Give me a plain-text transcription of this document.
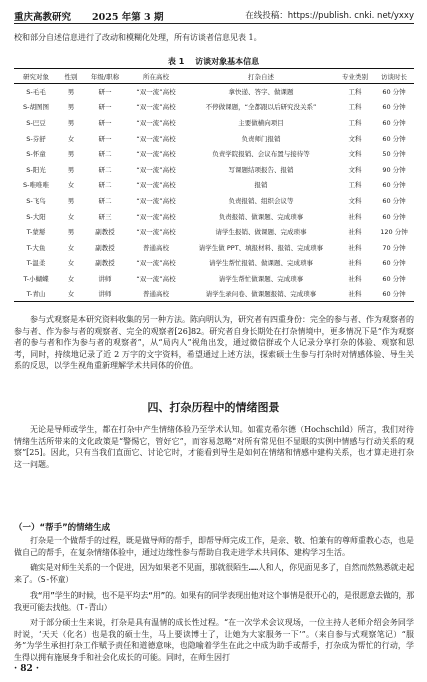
重庆高教研究 2025 年第 3 期	在线投稿：https://publish. cnki. net/yxxy
校和部分自述信息进行了改动和模糊化处理，所有访谈者信息见表 1。
表 1 访谈对象基本信息
研究对象	性别	年级/职称	所在高校	打杂自述	专业类别	访谈时长
S-毛毛	男	研一	“双一流”高校	拿快递、答字、做课题	工科	60 分钟
S-胡图图	男	研一	“双一流”高校	不停做课题，“全都跟以后研究没关系”	工科	60 分钟
S-巴豆	男	研一	“双一流”高校	主要做横向项目	工科	60 分钟
S-芬舒	女	研一	“双一流”高校	负责师门报销	文科	60 分钟
S-怀童	男	研二	“双一流”高校	负责学院报销、会议布置与接待等	文科	50 分钟
S-阳光	男	研二	“双一流”高校	写课题结项报告、报销	文科	90 分钟
S-唯唯唯	女	研二	“双一流”高校	报销	工科	60 分钟
S-飞鸟	男	研二	“双一流”高校	负责报销、组织会议等	文科	60 分钟
S-大阳	女	研三	“双一流”高校	负责报销、做课题、完成琐事	社科	60 分钟
T-蒙掰	男	副教授	“双一流”高校	请学生报销、做课题、完成琐事	社科	120 分钟
T-大鱼	女	副教授	普通高校	请学生做 PPT、填报材料、报销、完成琐事	社科	70 分钟
T-温柔	女	副教授	“双一流”高校	请学生帮忙报销、做课题、完成琐事	社科	60 分钟
T-小蝴蝶	女	讲师	“双一流”高校	请学生帮忙做课题、完成琐事	社科	60 分钟
T-青山	女	讲师	普通高校	请学生录问卷、做课题报销、完成琐事	社科	60 分钟
参与式观察是本研究资料收集的另一种方法。陈向明认为，研究者有四重身份：完全的参与者、作为观察者的参与者、作为参与者的观察者、完全的观察者[26]82。研究者自身长期处在打杂情境中，更多情况下是“作为观察者的参与者和作为参与者的观察者”，从“局内人”视角出发，通过微信群或个人记录分享打杂的体验、观察和思考，同时，持续地记录了近 2 万字的文字资料，希望通过上述方法，探索硕士生参与打杂时对情感体验、导生关系的反思，以学生视角重新理解学术共同体的价值。
四、打杂历程中的情绪图景
无论是导师或学生，都在打杂中产生情绪体验乃至学术认知。如霍克希尔德（Hochschild）所言，我们对待情绪生活所带来的文化政策是“警惕它，管好它”，而容易忽略“对所有常见但不显眼的实例中情感与行动关系的观察”[25]。因此，只有当我们直面它、讨论它时，才能看到导生是如何在情绪和情感中建构关系，也才算走进打杂这一问题。
（一）“帮手”的情绪生成
打杂是一个做帮手的过程，既是做导师的帮手，即帮导师完成工作，是亲、敬、怕兼有的尊师重教心态，也是做自己的帮手，在复杂情绪体验中，通过边缘性参与帮助自我走进学术共同体、建构学习生活。
确实是对师生关系的一个促进，因为如果老不见面，那就很陌生……人和人，你见面见多了，自然而然熟悉就走起来了。（S-怀童）
我“用”学生的时候，也不是平均去“用”的。如果有的同学表现出他对这个事情是很开心的，是很愿意去做的，那我更可能去找他。（T-青山）
对于部分硕士生来说，打杂是具有温情的成长性过程。“在一次学术会议现场，一位主持人老师介绍会务同学时说，‘天天（化名）也是我的硕士生，马上要读博士了，让她为大家服务一下’”。（来自参与式观察笔记）“服务”为学生承担打杂工作赋予责任和道德意味，也隐喻着学生在此之中成为助手或帮手，打杂成为帮忙的行动，学生得以拥有施展身手和社会化成长的可能。同时，在师生因打
· 82 ·
